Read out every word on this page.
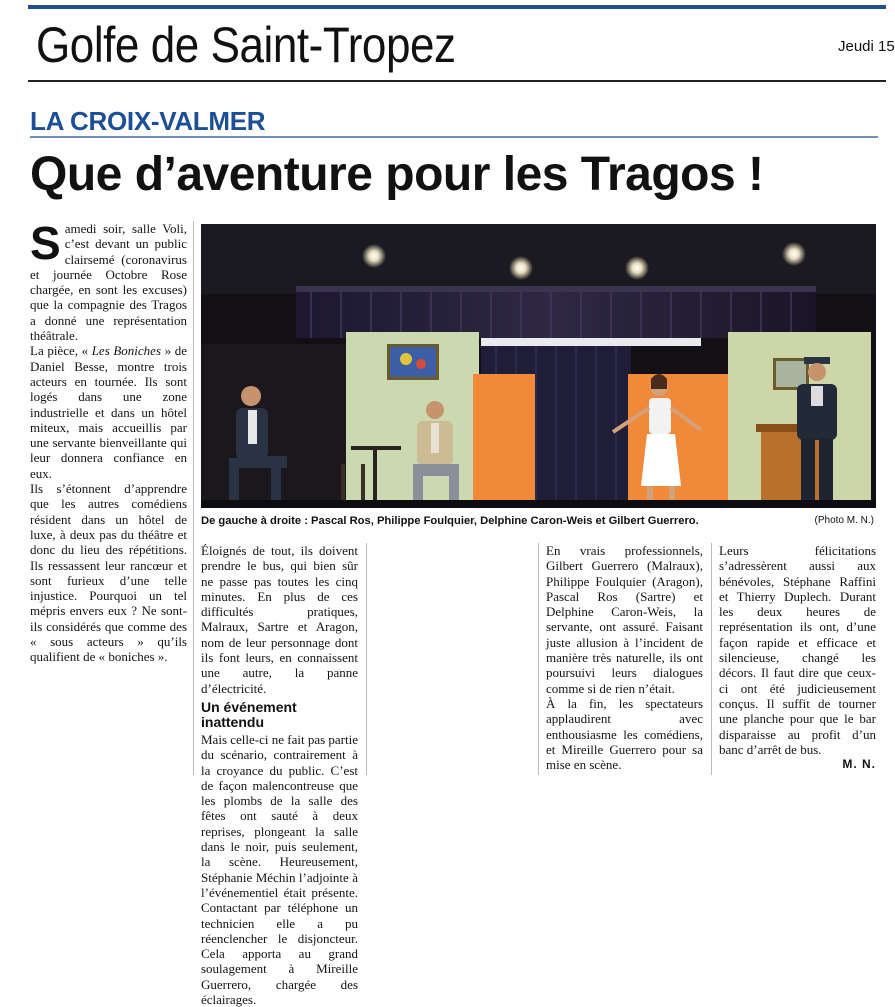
Golfe de Saint-Tropez	Jeudi 15
LA CROIX-VALMER
Que d’aventure pour les Tragos !
De gauche à droite : Pascal Ros, Philippe Foulquier, Delphine Caron-Weis et Gilbert Guerrero.	(Photo M. N.)

Samedi soir, salle Voli, c’est devant un public clairsemé (coronavirus et journée Octobre Rose chargée, en sont les excuses) que la compagnie des Tragos a donné une représentation théâtrale.

La pièce, « Les Boniches » de Daniel Besse, montre trois acteurs en tournée. Ils sont logés dans une zone industrielle et dans un hôtel miteux, mais accueillis par une servante bienveillante qui leur donnera confiance en eux.

Ils s’étonnent d’apprendre que les autres comédiens résident dans un hôtel de luxe, à deux pas du théâtre et donc du lieu des répétitions. Ils ressassent leur rancœur et sont furieux d’une telle injustice. Pourquoi un tel mépris envers eux ? Ne sont-ils considérés que comme des « sous acteurs » qu’ils qualifient de « boniches ».

Éloignés de tout, ils doivent prendre le bus, qui bien sûr ne passe pas toutes les cinq minutes. En plus de ces difficultés pratiques, Malraux, Sartre et Aragon, nom de leur personnage dont ils font leurs, en connaissent une autre, la panne d’électricité.

Un événement inattendu

Mais celle-ci ne fait pas partie du scénario, contrairement à la croyance du public. C’est de façon malencontreuse que les plombs de la salle des fêtes ont sauté à deux reprises, plongeant la salle dans le noir, puis seulement, la scène. Heureusement, Stéphanie Méchin l’adjointe à l’événementiel était présente. Contactant par téléphone un technicien elle a pu réenclencher le disjoncteur. Cela apporta au grand soulagement à Mireille Guerrero, chargée des éclairages.

En vrais professionnels, Gilbert Guerrero (Malraux), Philippe Foulquier (Aragon), Pascal Ros (Sartre) et Delphine Caron-Weis, la servante, ont assuré. Faisant juste allusion à l’incident de manière très naturelle, ils ont poursuivi leurs dialogues comme si de rien n’était.

À la fin, les spectateurs applaudirent avec enthousiasme les comédiens, et Mireille Guerrero pour sa mise en scène.

Leurs félicitations s’adressèrent aussi aux bénévoles, Stéphane Raffini et Thierry Duplech. Durant les deux heures de représentation ils ont, d’une façon rapide et efficace et silencieuse, changé les décors. Il faut dire que ceux-ci ont été judicieusement conçus. Il suffit de tourner une planche pour que le bar disparaisse au profit d’un banc d’arrêt de bus.

M. N.
